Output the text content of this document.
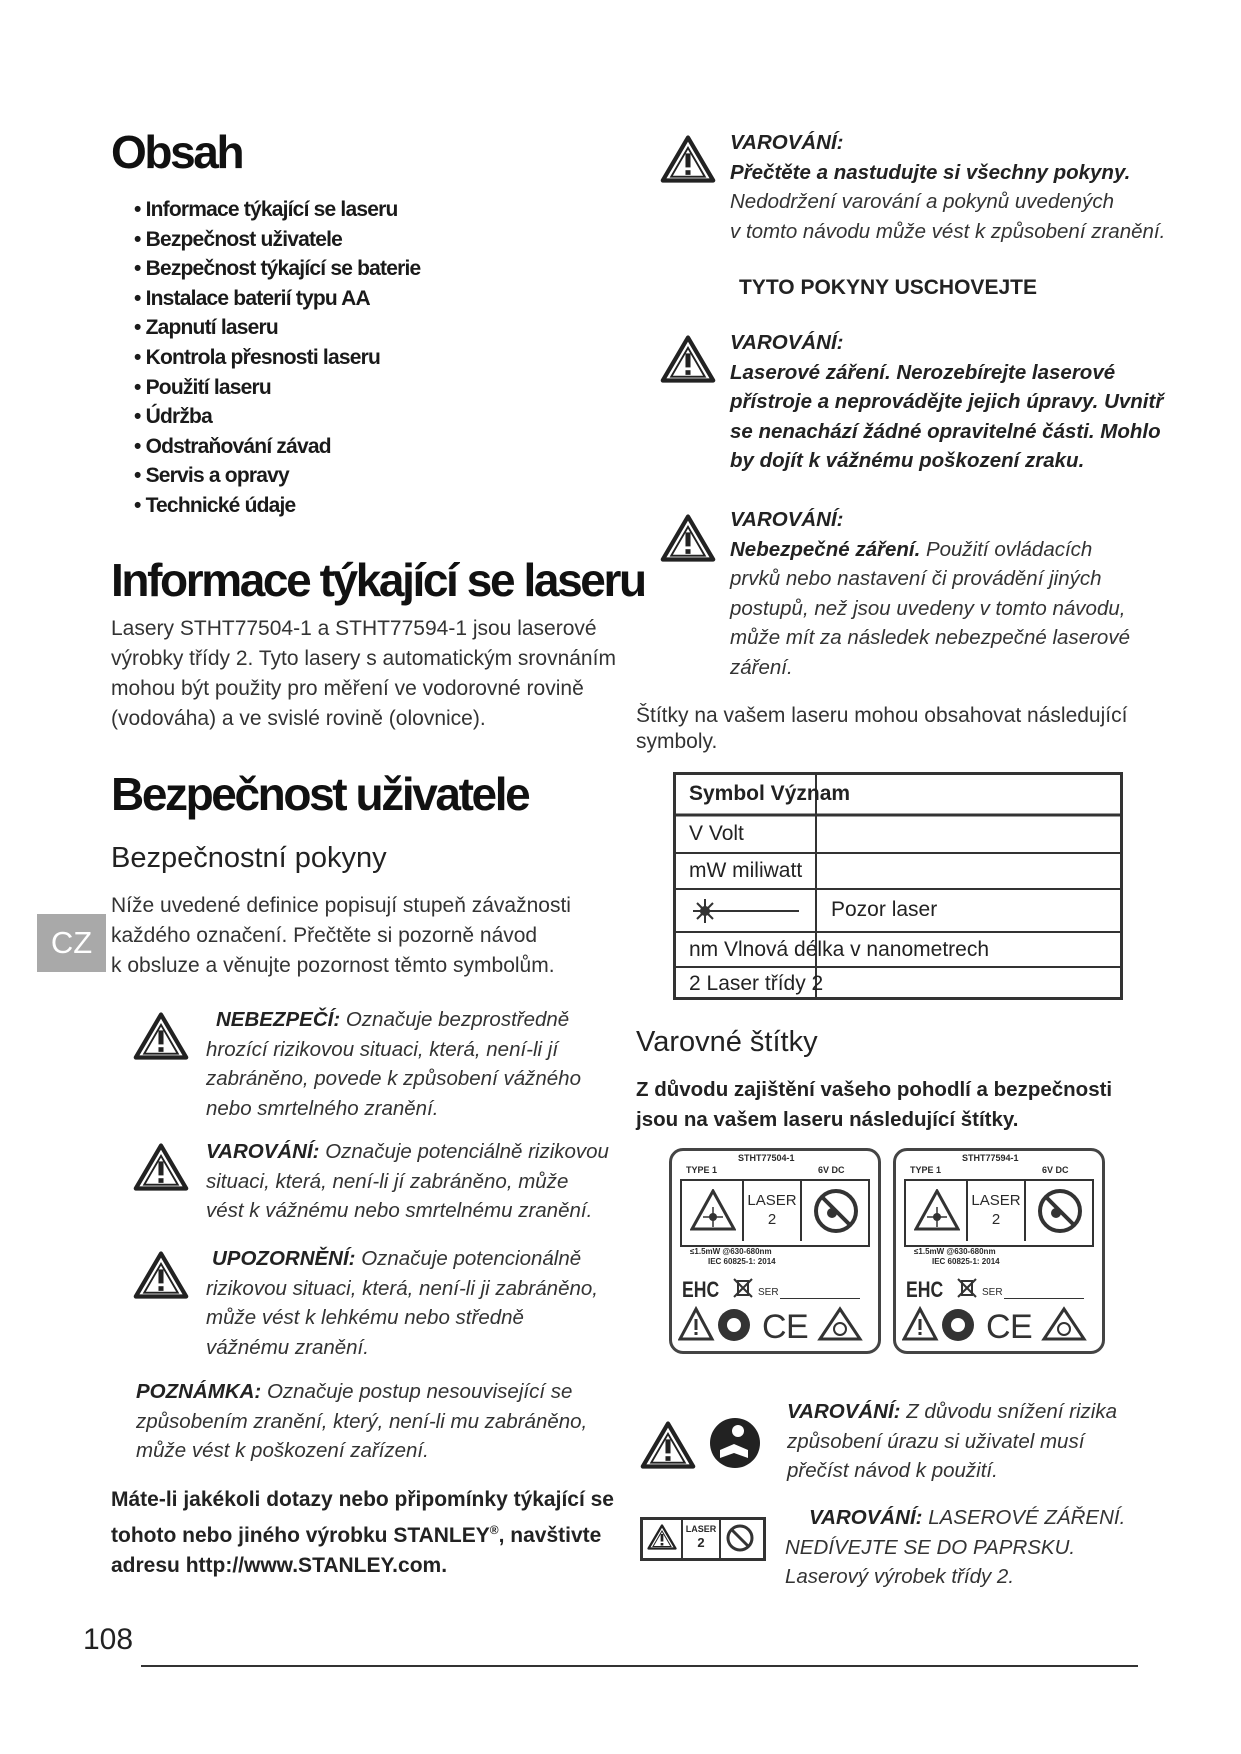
Obsah
• Informace týkající se laseru
• Bezpečnost uživatele
• Bezpečnost týkající se baterie
• Instalace baterií typu AA
• Zapnutí laseru
• Kontrola přesnosti laseru
• Použití laseru
• Údržba
• Odstraňování závad
• Servis a opravy
• Technické údaje
Informace týkající se laseru
Lasery STHT77504-1 a STHT77594-1 jsou laserové
výrobky třídy 2. Tyto lasery s automatickým srovnáním
mohou být použity pro měření ve vodorovné rovině
(vodováha) a ve svislé rovině (olovnice).
Bezpečnost uživatele
Bezpečnostní pokyny
CZ
Níže uvedené definice popisují stupeň závažnosti
každého označení. Přečtěte si pozorně návod
k obsluze a věnujte pozornost těmto symbolům.
NEBEZPEČÍ: Označuje bezprostředně
hrozící rizikovou situaci, která, není-li jí
zabráněno, povede k způsobení vážného
nebo smrtelného zranění.
VAROVÁNÍ: Označuje potenciálně rizikovou
situaci, která, není-li jí zabráněno, může
vést k vážnému nebo smrtelnému zranění.
UPOZORNĚNÍ: Označuje potencionálně
rizikovou situaci, která, není-li ji zabráněno,
může vést k lehkému nebo středně
vážnému zranění.
POZNÁMKA: Označuje postup nesouvisející se
způsobením zranění, který, není-li mu zabráněno,
může vést k poškození zařízení.
Máte-li jakékoli dotazy nebo připomínky týkající se
tohoto nebo jiného výrobku STANLEY®, navštivte
adresu http://www.STANLEY.com.
VAROVÁNÍ:
Přečtěte a nastudujte si všechny pokyny.
Nedodržení varování a pokynů uvedených
v tomto návodu může vést k způsobení zranění.
TYTO POKYNY USCHOVEJTE
VAROVÁNÍ:
Laserové záření. Nerozebírejte laserové
přístroje a neprovádějte jejich úpravy. Uvnitř
se nenachází žádné opravitelné části. Mohlo
by dojít k vážnému poškození zraku.
VAROVÁNÍ:
Nebezpečné záření. Použití ovládacích
prvků nebo nastavení či provádění jiných
postupů, než jsou uvedeny v tomto návodu,
může mít za následek nebezpečné laserové
záření.
Štítky na vašem laseru mohou obsahovat následující
symboly.
Symbol Význam
V Volt
mW miliwatt
Pozor laser
nm Vlnová délka v nanometrech
2 Laser třídy 2
Varovné štítky
Z důvodu zajištění vašeho pohodlí a bezpečnosti
jsou na vašem laseru následující štítky.
STHT77504-1
TYPE 1	6V DC
LASER
2
≤1.5mW @630-680nm
IEC 60825-1: 2014
ЕНС	SER
C E
STHT77594-1
TYPE 1	6V DC
LASER
2
≤1.5mW @630-680nm
IEC 60825-1: 2014
ЕНС	SER
C E
VAROVÁNÍ: Z důvodu snížení rizika
způsobení úrazu si uživatel musí
přečíst návod k použití.
LASER
2
VAROVÁNÍ: LASEROVÉ ZÁŘENÍ.
NEDÍVEJTE SE DO PAPRSKU.
Laserový výrobek třídy 2.
108
